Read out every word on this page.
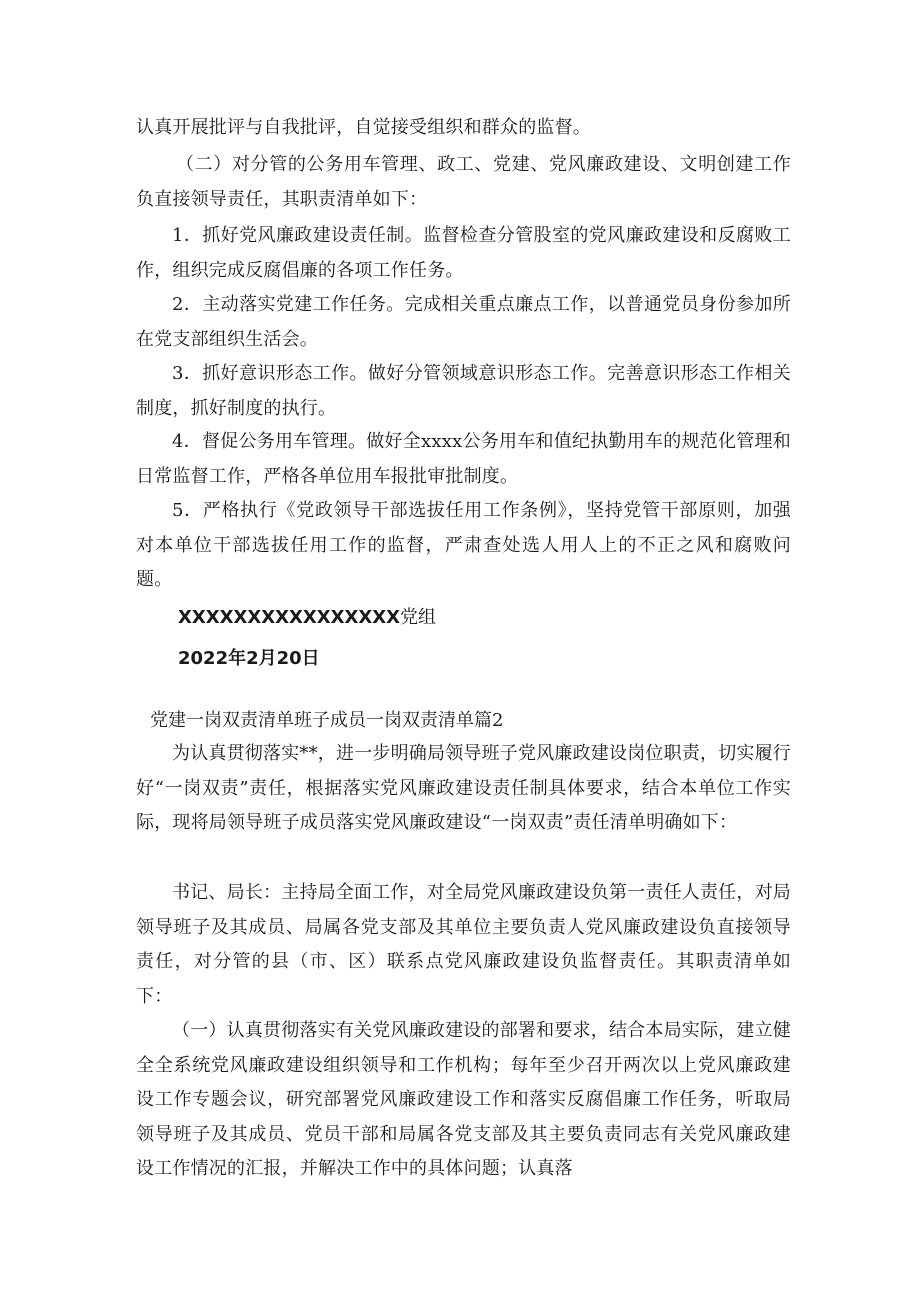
认真开展批评与自我批评，自觉接受组织和群众的监督。

（二）对分管的公务用车管理、政工、党建、党风廉政建设、文明创建工作负直接领导责任，其职责清单如下：

1．抓好党风廉政建设责任制。监督检查分管股室的党风廉政建设和反腐败工作，组织完成反腐倡廉的各项工作任务。

2．主动落实党建工作任务。完成相关重点廉点工作，以普通党员身份参加所在党支部组织生活会。

3．抓好意识形态工作。做好分管领域意识形态工作。完善意识形态工作相关制度，抓好制度的执行。

4．督促公务用车管理。做好全xxxx公务用车和值纪执勤用车的规范化管理和日常监督工作，严格各单位用车报批审批制度。

5．严格执行《党政领导干部选拔任用工作条例》，坚持党管干部原则，加强对本单位干部选拔任用工作的监督，严肃查处选人用人上的不正之风和腐败问题。

XXXXXXXXXXXXXXXX党组

2022年2月20日

党建一岗双责清单班子成员一岗双责清单篇2

为认真贯彻落实**，进一步明确局领导班子党风廉政建设岗位职责，切实履行好“一岗双责”责任，根据落实党风廉政建设责任制具体要求，结合本单位工作实际，现将局领导班子成员落实党风廉政建设“一岗双责”责任清单明确如下：

书记、局长：主持局全面工作，对全局党风廉政建设负第一责任人责任，对局领导班子及其成员、局属各党支部及其单位主要负责人党风廉政建设负直接领导责任，对分管的县（市、区）联系点党风廉政建设负监督责任。其职责清单如下：

（一）认真贯彻落实有关党风廉政建设的部署和要求，结合本局实际，建立健全全系统党风廉政建设组织领导和工作机构；每年至少召开两次以上党风廉政建设工作专题会议，研究部署党风廉政建设工作和落实反腐倡廉工作任务，听取局领导班子及其成员、党员干部和局属各党支部及其主要负责同志有关党风廉政建设工作情况的汇报，并解决工作中的具体问题；认真落
